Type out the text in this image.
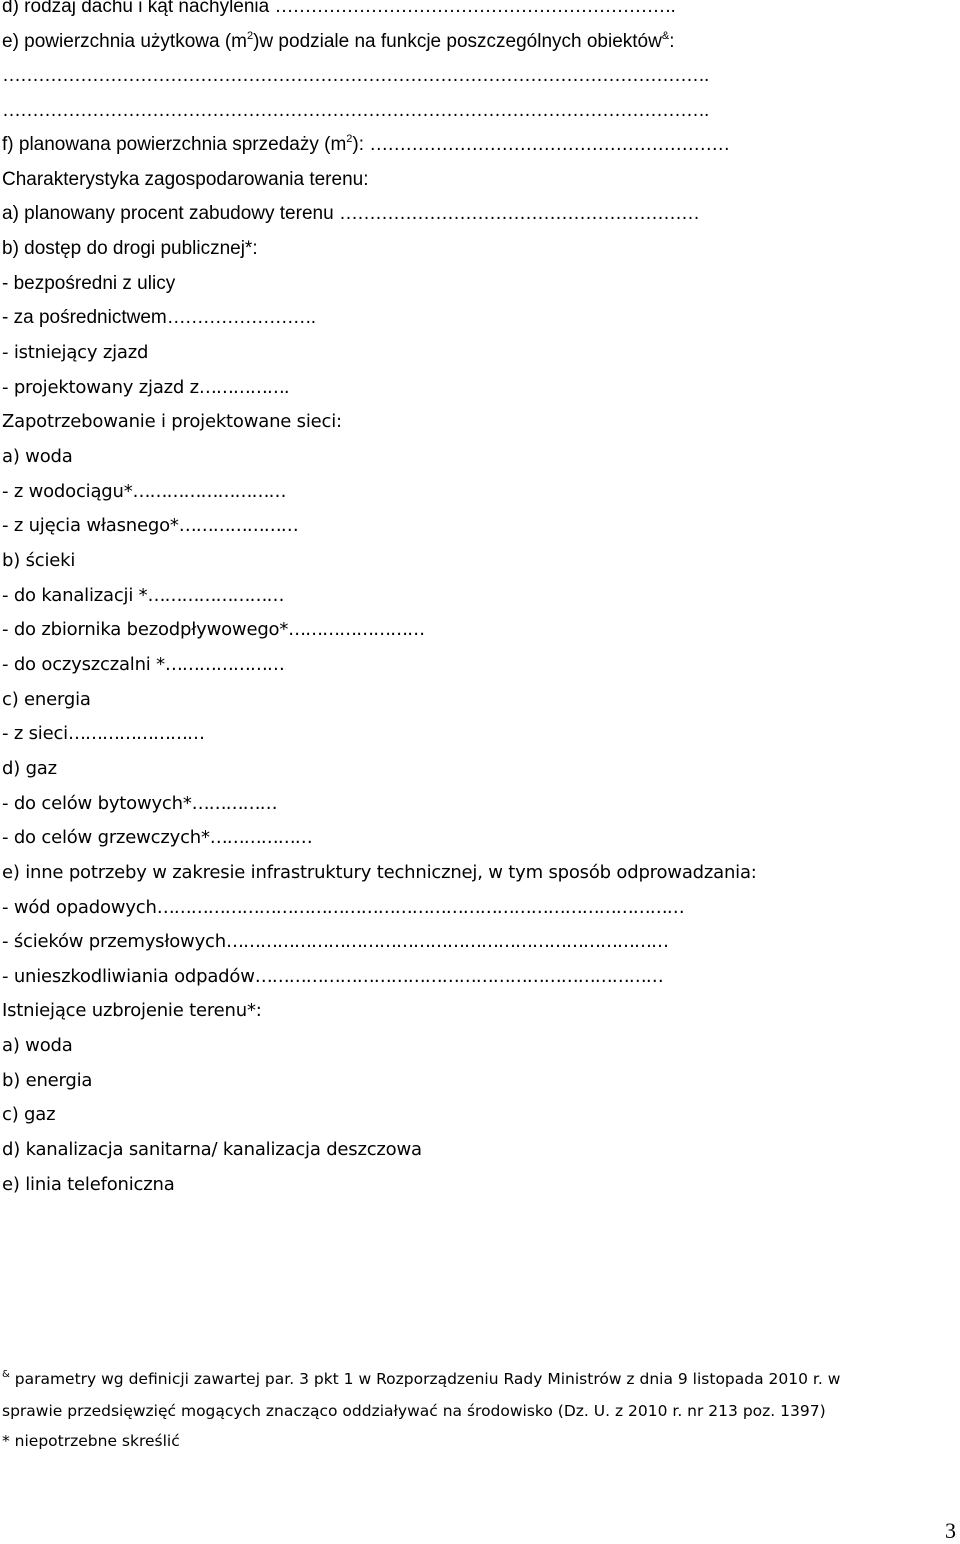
d) rodzaj dachu i kąt nachylenia ………………………………………………………….
e) powierzchnia użytkowa $(m^2)w$ podziale na funkcje poszczególnych obiektów&:
……………………………………………………………………………………………………….
……………………………………………………………………………………………………….
f) planowana powierzchnia sprzedaży $(m^2)$: ……………………………………………………
Charakterystyka zagospodarowania terenu:
a) planowany procent zabudowy terenu ……………………………………………………
b) dostęp do drogi publicznej*:
- bezpośredni z ulicy
- za pośrednictwem…………………….
- istniejący zjazd
- projektowany zjazd z…………….
Zapotrzebowanie i projektowane sieci:
a) woda
- z wodociągu*………………………
- z ujęcia własnego*…………………
b) ścieki
- do kanalizacji *……………………
- do zbiornika bezodpływowego*……………………
- do oczyszczalni *…………………
c) energia
- z sieci……………………
d) gaz
- do celów bytowych*……………
- do celów grzewczych*………………
e) inne potrzeby w zakresie infrastruktury technicznej, w tym sposób odprowadzania:
- wód opadowych…………………………………………………………………………………
- ścieków przemysłowych……………………………………………………………………
- unieszkodliwiania odpadów………………………………………………………………
Istniejące uzbrojenie terenu*:
a) woda
b) energia
c) gaz
d) kanalizacja sanitarna/ kanalizacja deszczowa
e) linia telefoniczna
& parametry wg definicji zawartej par. 3 pkt 1 w Rozporządzeniu Rady Ministrów z dnia 9 listopada 2010 r. w
sprawie przedsięwzięć mogących znacząco oddziaływać na środowisko (Dz. U. z 2010 r. nr 213 poz. 1397)
* niepotrzebne skreślić
3
